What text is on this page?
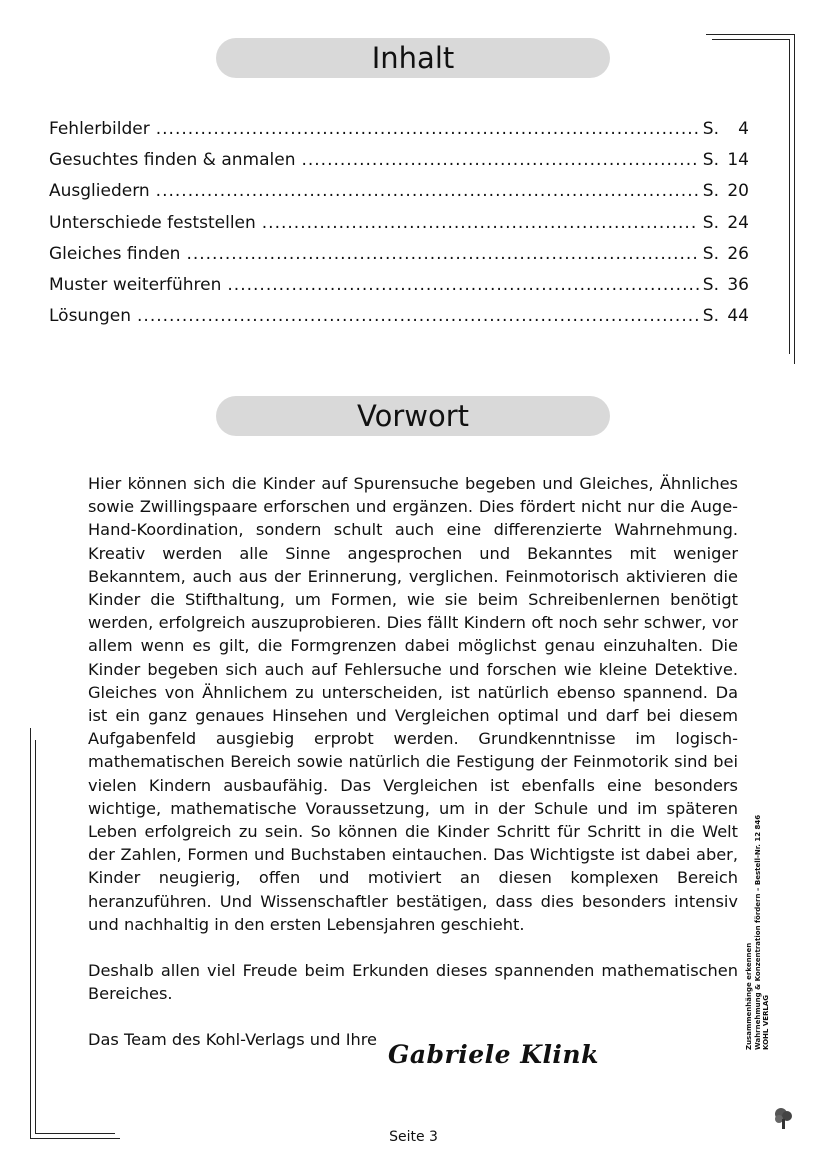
Inhalt
Fehlerbilder .....	S.	4
Gesuchtes finden & anmalen .....	S. 14
Ausgliedern .....	S. 20
Unterschiede feststellen .....	S. 24
Gleiches finden .....	S. 26
Muster weiterführen .....	S. 36
Lösungen .....	S. 44
Vorwort

Hier können sich die Kinder auf Spurensuche begeben und Gleiches, Ähnliches sowie Zwillingspaare erforschen und ergänzen. Dies fördert nicht nur die Auge-Hand-Koordination, sondern schult auch eine differenzierte Wahrnehmung. Kreativ werden alle Sinne angesprochen und Bekanntes mit weniger Bekanntem, auch aus der Erinnerung, verglichen. Feinmotorisch aktivieren die Kinder die Stifthaltung, um Formen, wie sie beim Schreibenlernen benötigt werden, erfolgreich auszuprobieren. Dies fällt Kindern oft noch sehr schwer, vor allem wenn es gilt, die Formgrenzen dabei möglichst genau einzuhalten. Die Kinder begeben sich auch auf Fehlersuche und forschen wie kleine Detektive. Gleiches von Ähnlichem zu unterscheiden, ist natürlich ebenso spannend. Da ist ein ganz genaues Hinsehen und Vergleichen optimal und darf bei diesem Aufgabenfeld ausgiebig erprobt werden. Grundkenntnisse im logisch-mathematischen Bereich sowie natürlich die Festigung der Feinmotorik sind bei vielen Kindern ausbaufähig. Das Vergleichen ist ebenfalls eine besonders wichtige, mathematische Voraussetzung, um in der Schule und im späteren Leben erfolgreich zu sein. So können die Kinder Schritt für Schritt in die Welt der Zahlen, Formen und Buchstaben eintauchen. Das Wichtigste ist dabei aber, Kinder neugierig, offen und motiviert an diesen komplexen Bereich heranzuführen. Und Wissenschaftler bestätigen, dass dies besonders intensiv und nachhaltig in den ersten Lebensjahren geschieht.

Deshalb allen viel Freude beim Erkunden dieses spannenden mathematischen Bereiches.

Das Team des Kohl-Verlags und Ihre

Gabriele Klink
Seite 3
Zusammenhänge erkennen Wahrnehmung & Konzentration fördern – Bestell-Nr. 12 846 KOHL VERLAG
